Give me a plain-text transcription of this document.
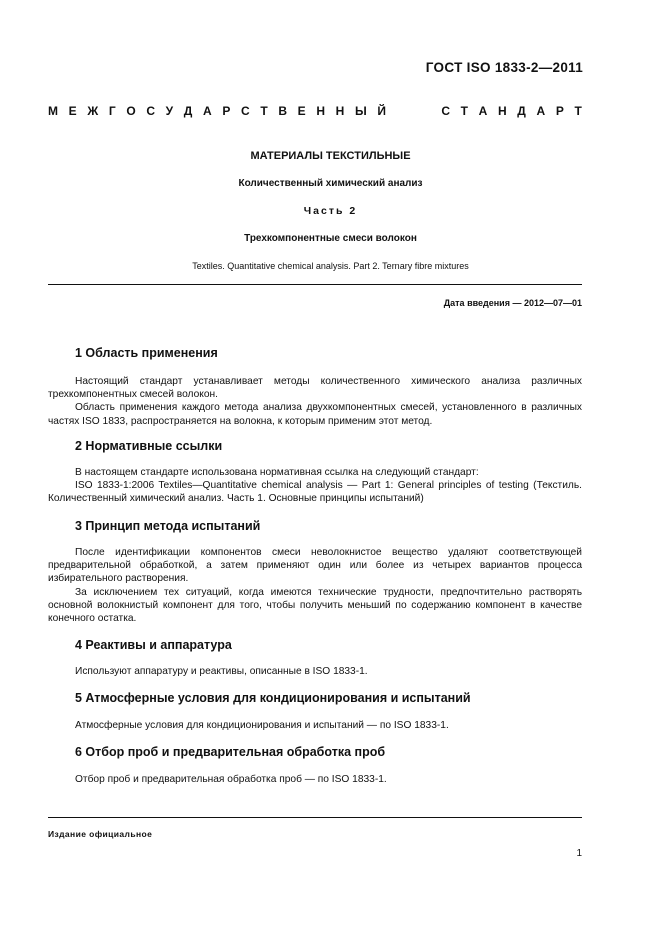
ГОСТ ISO 1833-2—2011
М Е Ж Г О С У Д А Р С Т В Е Н Н Ы Й	С Т А Н Д А Р Т
МАТЕРИАЛЫ ТЕКСТИЛЬНЫЕ
Количественный химический анализ
Часть 2
Трехкомпонентные смеси волокон
Textiles. Quantitative chemical analysis. Part 2. Ternary fibre mixtures
Дата введения — 2012—07—01
1 Область применения

Настоящий стандарт устанавливает методы количественного химического анализа различных трехкомпонентных смесей волокон.

Область применения каждого метода анализа двухкомпонентных смесей, установленного в различных частях ISO 1833, распространяется на волокна, к которым применим этот метод.

2 Нормативные ссылки

В настоящем стандарте использована нормативная ссылка на следующий стандарт:

ISO 1833-1:2006 Textiles—Quantitative chemical analysis — Part 1: General principles of testing (Текстиль. Количественный химический анализ. Часть 1. Основные принципы испытаний)

3 Принцип метода испытаний

После идентификации компонентов смеси неволокнистое вещество удаляют соответствующей предварительной обработкой, а затем применяют один или более из четырех вариантов процесса избирательного растворения.

За исключением тех ситуаций, когда имеются технические трудности, предпочтительно растворять основной волокнистый компонент для того, чтобы получить меньший по содержанию компонент в качестве конечного остатка.

4 Реактивы и аппаратура

Используют аппаратуру и реактивы, описанные в ISO 1833-1.

5 Атмосферные условия для кондиционирования и испытаний

Атмосферные условия для кондиционирования и испытаний — по ISO 1833-1.

6 Отбор проб и предварительная обработка проб

Отбор проб и предварительная обработка проб — по ISO 1833-1.

Издание официальное
1
